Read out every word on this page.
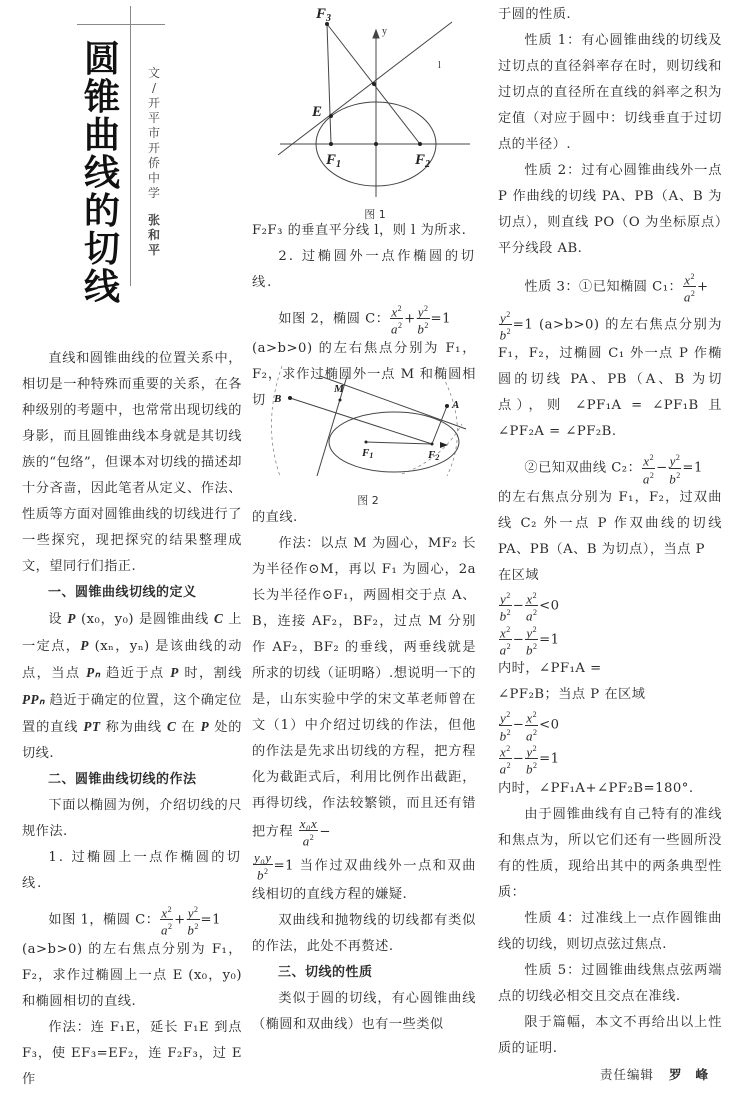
圆
锥
曲
线
的
切
线
文
/
开
平
市
开
侨
中
学
张
和
平

直线和圆锥曲线的位置关系中，相切是一种特殊而重要的关系，在各种级别的考题中，也常常出现切线的身影，而且圆锥曲线本身就是其切线族的“包络”，但课本对切线的描述却十分吝啬，因此笔者从定义、作法、性质等方面对圆锥曲线的切线进行了一些探究，现把探究的结果整理成文，望同行们指正.

一、圆锥曲线切线的定义

设 P (x₀，y₀) 是圆锥曲线 C 上一定点，P (xₙ，yₙ) 是该曲线的动点，当点 Pₙ 趋近于点 P 时，割线 PPₙ 趋近于确定的位置，这个确定位置的直线 PT 称为曲线 C 在 P 处的切线.

二、圆锥曲线切线的作法

下面以椭圆为例，介绍切线的尺规作法.

1. 过椭圆上一点作椭圆的切线.

如图 1，椭圆 C： $\frac{x^2}{a^2} + \frac{y^2}{b^2} =1$

(a>b>0) 的左右焦点分别为 F₁，F₂，求作过椭圆上一点 E (x₀，y₀) 和椭圆相切的直线.

作法：连 F₁E，延长 F₁E 到点 F₃，使 EF₃=EF₂，连 F₂F₃，过 E 作

$F_3$
E
$F_1$	$F_2$
y
l
图 1

F₂F₃ 的垂直平分线 l，则 l 为所求.

2. 过椭圆外一点作椭圆的切线.

如图 2，椭圆 C： $\frac{x^2}{a^2} + \frac{y^2}{b^2} =1$

(a>b>0) 的左右焦点分别为 F₁，F₂，求作过椭圆外一点 M 和椭圆相切

M
B	A
F1	F2
图 2

的直线.

作法：以点 M 为圆心，MF₂ 长为半径作⊙M，再以 F₁ 为圆心，2a 长为半径作⊙F₁，两圆相交于点 A、B，连接 AF₂，BF₂，过点 M 分别作 AF₂，BF₂ 的垂线，两垂线就是所求的切线（证明略）.想说明一下的是，山东实验中学的宋文革老师曾在文（1）中介绍过切线的作法，但他的作法是先求出切线的方程，把方程化为截距式后，利用比例作出截距，再得切线，作法较繁锁，而且还有错把方程 $\frac{\text{x₀x}}{a^2}$ −

$\frac{\text{y₀y}}{b^2} =1$ 当作过双曲线外一点和双曲线相切的直线方程的嫌疑.

双曲线和抛物线的切线都有类似的作法，此处不再赘述.

三、切线的性质

类似于圆的切线，有心圆锥曲线（椭圆和双曲线）也有一些类似

于圆的性质.

性质 1：有心圆锥曲线的切线及过切点的直径斜率存在时，则切线和过切点的直径所在直线的斜率之积为定值（对应于圆中：切线垂直于过切点的半径）.

性质 2：过有心圆锥曲线外一点 P 作曲线的切线 PA、PB（A、B 为切点），则直线 PO（O 为坐标原点）平分线段 AB.

性质 3：①已知椭圆 C₁： $\frac{x^2}{a^2}$ +

$\frac{y^2}{b^2} =1$ (a>b>0) 的左右焦点分别为 F₁，F₂，过椭圆 C₁ 外一点 P 作椭圆的切线 PA、PB（A、B 为切点），则 ∠PF₁A = ∠PF₁B 且 ∠PF₂A = ∠PF₂B.

②已知双曲线 C₂： $\frac{x^2}{a^2} - \frac{y^2}{b^2} =1$

的左右焦点分别为 F₁，F₂，过双曲线 C₂ 外一点 P 作双曲线的切线 PA、PB（A、B 为切点），当点 P

在区域

$\frac{y^2}{b^2} - \frac{x^2}{a^2} <0$
$\frac{x^2}{a^2} - \frac{y^2}{b^2} =1$
内时，∠PF₁A =

∠PF₂B；当点 P 在区域

$\frac{y^2}{b^2} - \frac{x^2}{a^2} <0$
$\frac{x^2}{a^2} - \frac{y^2}{b^2} =1$

内时，∠PF₁A+∠PF₂B=180°.

由于圆锥曲线有自己特有的准线和焦点为，所以它们还有一些圆所没有的性质，现给出其中的两条典型性质：

性质 4：过准线上一点作圆锥曲线的切线，则切点弦过焦点.

性质 5：过圆锥曲线焦点弦两端点的切线必相交且交点在准线.

限于篇幅，本文不再给出以上性质的证明.

责任编辑 罗峰
